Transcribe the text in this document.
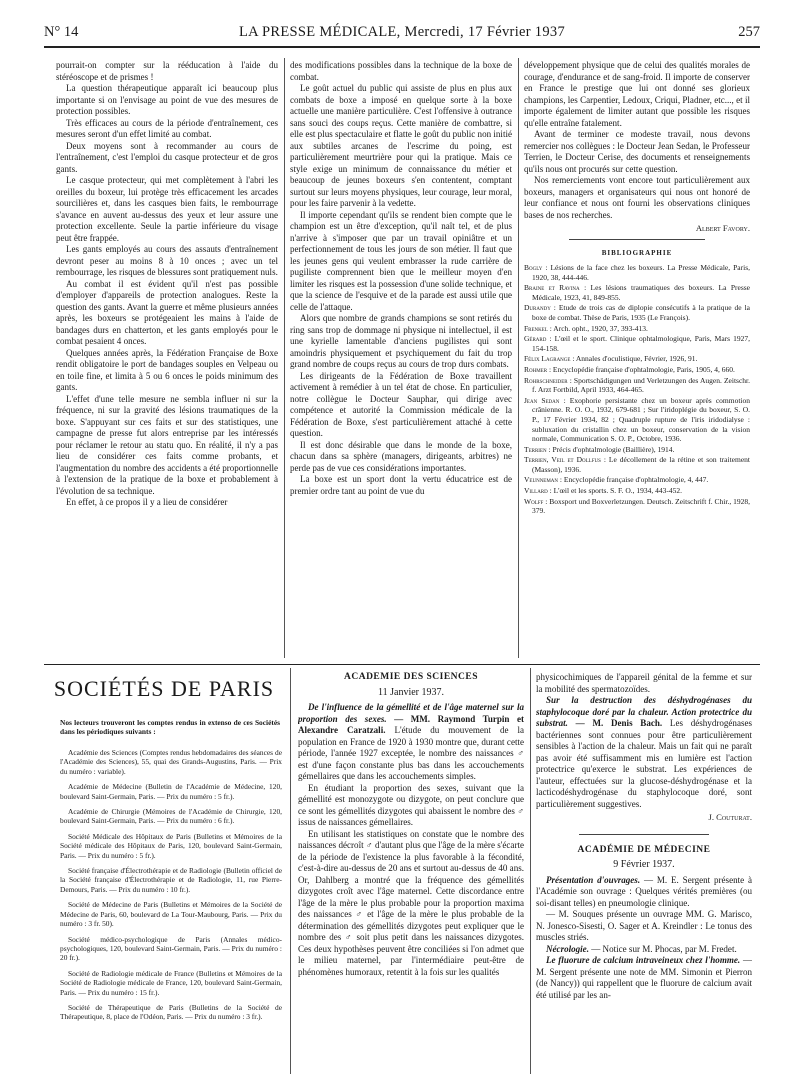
N° 14	LA PRESSE MÉDICALE, Mercredi, 17 Février 1937	257

pourrait-on compter sur la rééducation à l'aide du stéréoscope et de prismes !

La question thérapeutique apparaît ici beaucoup plus importante si on l'envisage au point de vue des mesures de protection possibles.

Très efficaces au cours de la période d'entraînement, ces mesures seront d'un effet limité au combat.

Deux moyens sont à recommander au cours de l'entraînement, c'est l'emploi du casque protecteur et de gros gants.

Le casque protecteur, qui met complètement à l'abri les oreilles du boxeur, lui protège très efficacement les arcades sourcilières et, dans les casques bien faits, le rembourrage s'avance en auvent au-dessus des yeux et leur assure une protection excellente. Seule la partie inférieure du visage peut être frappée.

Les gants employés au cours des assauts d'entraînement devront peser au moins 8 à 10 onces ; avec un tel rembourrage, les risques de blessures sont pratiquement nuls.

Au combat il est évident qu'il n'est pas possible d'employer d'appareils de protection analogues. Reste la question des gants. Avant la guerre et même plusieurs années après, les boxeurs se protégeaient les mains à l'aide de bandages durs en chatterton, et les gants employés pour le combat pesaient 4 onces.

Quelques années après, la Fédération Française de Boxe rendit obligatoire le port de bandages souples en Velpeau ou en toile fine, et limita à 5 ou 6 onces le poids minimum des gants.

L'effet d'une telle mesure ne sembla influer ni sur la fréquence, ni sur la gravité des lésions traumatiques de la boxe. S'appuyant sur ces faits et sur des statistiques, une campagne de presse fut alors entreprise par les intéressés pour réclamer le retour au statu quo. En réalité, il n'y a pas lieu de considérer ces faits comme probants, et l'augmentation du nombre des accidents a été proportionnelle à l'extension de la pratique de la boxe et probablement à l'évolution de sa technique.

En effet, à ce propos il y a lieu de considérer

des modifications possibles dans la technique de la boxe de combat.

Le goût actuel du public qui assiste de plus en plus aux combats de boxe a imposé en quelque sorte à la boxe actuelle une manière particulière. C'est l'offensive à outrance sans souci des coups reçus. Cette manière de combattre, si elle est plus spectaculaire et flatte le goût du public non initié aux subtiles arcanes de l'escrime du poing, est particulièrement meurtrière pour qui la pratique. Mais ce style exige un minimum de connaissance du métier et beaucoup de jeunes boxeurs s'en contentent, comptant surtout sur leurs moyens physiques, leur courage, leur moral, pour les faire parvenir à la vedette.

Il importe cependant qu'ils se rendent bien compte que le champion est un être d'exception, qu'il naît tel, et de plus n'arrive à s'imposer que par un travail opiniâtre et un perfectionnement de tous les jours de son métier. Il faut que les jeunes gens qui veulent embrasser la rude carrière de pugiliste comprennent bien que le meilleur moyen d'en limiter les risques est la possession d'une solide technique, et que la science de l'esquive et de la parade est aussi utile que celle de l'attaque.

Alors que nombre de grands champions se sont retirés du ring sans trop de dommage ni physique ni intellectuel, il est une kyrielle lamentable d'anciens pugilistes qui sont amoindris physiquement et psychiquement du fait du trop grand nombre de coups reçus au cours de trop durs combats.

Les dirigeants de la Fédération de Boxe travaillent activement à remédier à un tel état de chose. En particulier, notre collègue le Docteur Sauphar, qui dirige avec compétence et autorité la Commission médicale de la Fédération de Boxe, s'est particulièrement attaché à cette question.

Il est donc désirable que dans le monde de la boxe, chacun dans sa sphère (managers, dirigeants, arbitres) ne perde pas de vue ces considérations importantes.

La boxe est un sport dont la vertu éducatrice est de premier ordre tant au point de vue du

développement physique que de celui des qualités morales de courage, d'endurance et de sang-froid. Il importe de conserver en France le prestige que lui ont donné ses glorieux champions, les Carpentier, Ledoux, Criqui, Pladner, etc..., et il importe également de limiter autant que possible les risques qu'elle entraîne fatalement.

Avant de terminer ce modeste travail, nous devons remercier nos collègues : le Docteur Jean Sedan, le Professeur Terrien, le Docteur Cerise, des documents et renseignements qu'ils nous ont procurés sur cette question.

Nos remerciements vont encore tout particulièrement aux boxeurs, managers et organisateurs qui nous ont honoré de leur confiance et nous ont fourni les observations cliniques bases de nos recherches.

Albert Favory.

BIBLIOGRAPHIE

Bogly : Lésions de la face chez les boxeurs. La Presse Médicale, Paris, 1920, 38, 444-446.

Braine et Ravina : Les lésions traumatiques des boxeurs. La Presse Médicale, 1923, 41, 849-855.

Durandy : Etude de trois cas de diplopie consécutifs à la pratique de la boxe de combat. Thèse de Paris, 1935 (Le François).

Frenkel : Arch. opht., 1920, 37, 393-413.

Gérard : L'œil et le sport. Clinique ophtalmologique, Paris, Mars 1927, 154-158.

Félix Lagrange : Annales d'oculistique, Février, 1926, 91.

Rohmer : Encyclopédie française d'ophtalmologie, Paris, 1905, 4, 660.

Rohrschneider : Sportschädigungen und Verletzungen des Augen. Zeitschr. f. Arzt Fortbild, April 1933, 464-465.

Jean Sedan : Exophorie persistante chez un boxeur après commotion crânienne. R. O. O., 1932, 679-681 ; Sur l'iridoplégie du boxeur, S. O. P., 17 Février 1934, 82 ; Quadruple rupture de l'iris iridodialyse : subluxation du cristallin chez un boxeur, conservation de la vision normale, Communication S. O. P., Octobre, 1936.

Terrien : Précis d'ophtalmologie (Baillière), 1914.

Terrien, Veil et Dollfus : Le décollement de la rétine et son traitement (Masson), 1936.

Veunneman : Encyclopédie française d'ophtalmologie, 4, 447.

Villard : L'œil et les sports. S. F. O., 1934, 443-452.

Wolff : Boxsport und Boxverletzungen. Deutsch. Zeitschrift f. Chir., 1928, 379.

SOCIÉTÉS DE PARIS
Nos lecteurs trouveront les comptes rendus in extenso de ces Sociétés dans les périodiques suivants :

Académie des Sciences (Comptes rendus hebdomadaires des séances de l'Académie des Sciences), 55, quai des Grands-Augustins, Paris. — Prix du numéro : variable).

Académie de Médecine (Bulletin de l'Académie de Médecine, 120, boulevard Saint-Germain, Paris. — Prix du numéro : 5 fr.).

Académie de Chirurgie (Mémoires de l'Académie de Chirurgie, 120, boulevard Saint-Germain, Paris. — Prix du numéro : 6 fr.).

Société Médicale des Hôpitaux de Paris (Bulletins et Mémoires de la Société médicale des Hôpitaux de Paris, 120, boulevard Saint-Germain, Paris. — Prix du numéro : 5 fr.).

Société française d'Électrothérapie et de Radiologie (Bulletin officiel de la Société française d'Électrothérapie et de Radiologie, 11, rue Pierre-Demours, Paris. — Prix du numéro : 10 fr.).

Société de Médecine de Paris (Bulletins et Mémoires de la Société de Médecine de Paris, 60, boulevard de La Tour-Maubourg, Paris. — Prix du numéro : 3 fr. 50).

Société médico-psychologique de Paris (Annales médico-psychologiques, 120, boulevard Saint-Germain, Paris. — Prix du numéro : 20 fr.).

Société de Radiologie médicale de France (Bulletins et Mémoires de la Société de Radiologie médicale de France, 120, boulevard Saint-Germain, Paris. — Prix du numéro : 15 fr.).

Société de Thérapeutique de Paris (Bulletins de la Société de Thérapeutique, 8, place de l'Odéon, Paris. — Prix du numéro : 3 fr.).

ACADÉMIE DES SCIENCES

11 Janvier 1937.

De l'influence de la gémellité et de l'âge maternel sur la proportion des sexes. — MM. Raymond Turpin et Alexandre Caratzali. L'étude du mouvement de la population en France de 1920 à 1930 montre que, durant cette période, l'année 1927 exceptée, le nombre des naissances ♂ est d'une façon constante plus bas dans les accouchements gémellaires que dans les accouchements simples.

En étudiant la proportion des sexes, suivant que la gémellité est monozygote ou dizygote, on peut conclure que ce sont les gémellités dizygotes qui abaissent le nombre des ♂ issus de naissances gémellaires.

En utilisant les statistiques on constate que le nombre des naissances décroît ♂ d'autant plus que l'âge de la mère s'écarte de la période de l'existence la plus favorable à la fécondité, c'est-à-dire au-dessus de 20 ans et surtout au-dessus de 40 ans. Or, Dahlberg a montré que la fréquence des gémellités dizygotes croît avec l'âge maternel. Cette discordance entre l'âge de la mère le plus probable pour la proportion maxima des naissances ♂ et l'âge de la mère le plus probable de la détermination des gémellités dizygotes peut expliquer que le nombre des ♂ soit plus petit dans les naissances dizygotes. Ces deux hypothèses peuvent être conciliées si l'on admet que le milieu maternel, par l'intermédiaire peut-être de phénomènes humoraux, retentit à la fois sur les qualités

physicochimiques de l'appareil génital de la femme et sur la mobilité des spermatozoïdes.

Sur la destruction des déshydrogénases du staphylocoque doré par la chaleur. Action protectrice du substrat. — M. Denis Bach. Les déshydrogénases bactériennes sont connues pour être particulièrement sensibles à l'action de la chaleur. Mais un fait qui ne paraît pas avoir été suffisamment mis en lumière est l'action protectrice qu'exerce le substrat. Les expériences de l'auteur, effectuées sur la glucose-déshydrogénase et la lacticodéshydrogénase du staphylocoque doré, sont particulièrement suggestives.

J. Couturat.

ACADÉMIE DE MÉDECINE

9 Février 1937.

Présentation d'ouvrages. — M. E. Sergent présente à l'Académie son ouvrage : Quelques vérités premières (ou soi-disant telles) en pneumologie clinique.

— M. Souques présente un ouvrage MM. G. Marisco, N. Jonesco-Sisesti, O. Sager et A. Kreindler : Le tonus des muscles striés.

Nécrologie. — Notice sur M. Phocas, par M. Fredet.

Le fluorure de calcium intraveineux chez l'homme. — M. Sergent présente une note de MM. Simonin et Pierron (de Nancy)) qui rappellent que le fluorure de calcium avait été utilisé par les an-
